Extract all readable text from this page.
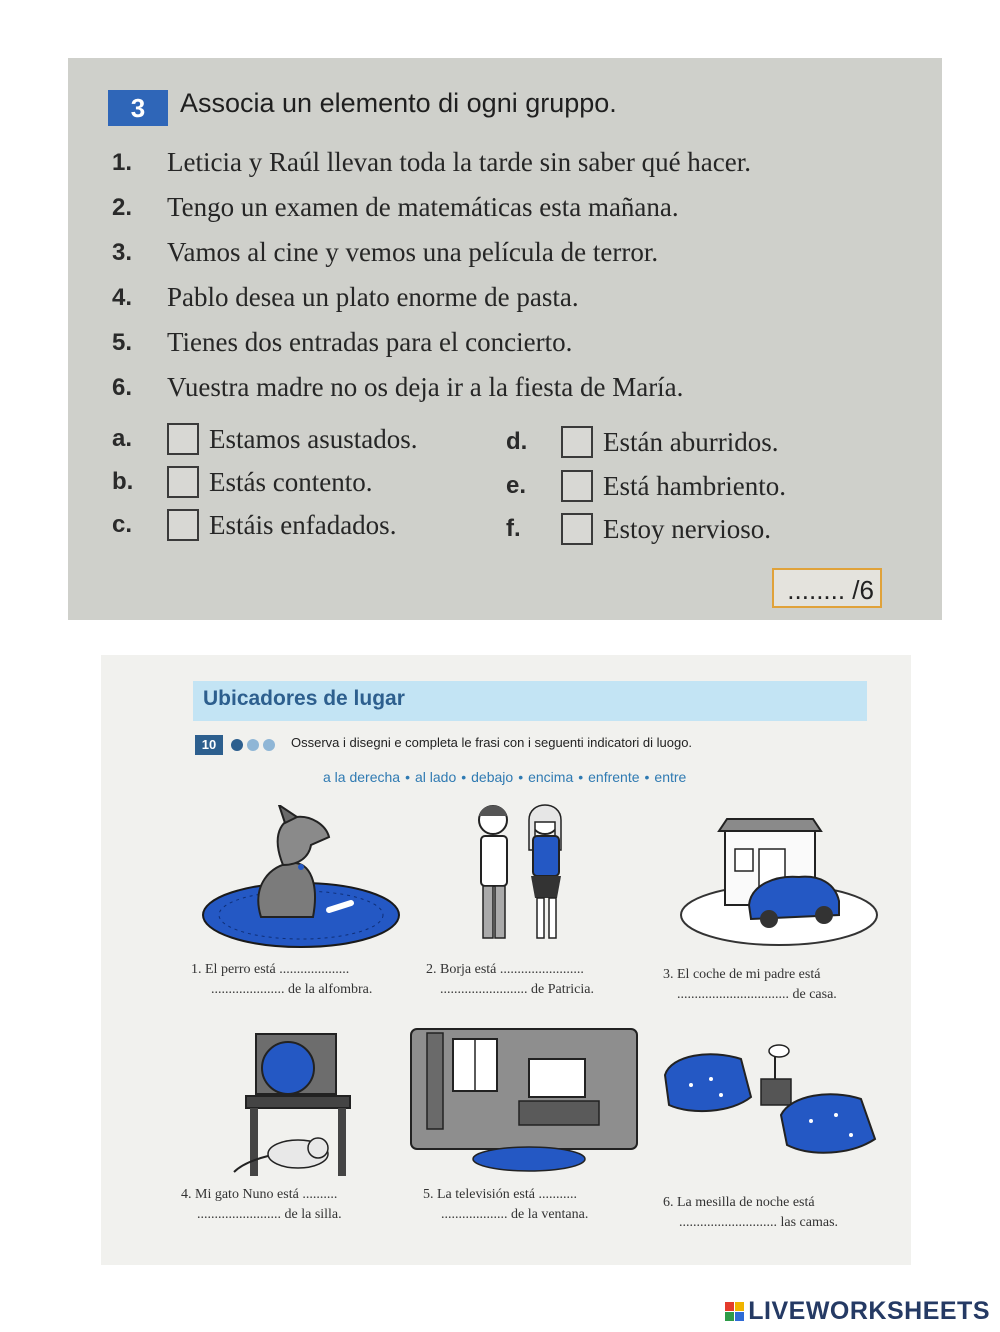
3	Associa un elemento di ogni gruppo.
1.	Leticia y Raúl llevan toda la tarde sin saber qué hacer.
2.	Tengo un examen de matemáticas esta mañana.
3.	Vamos al cine y vemos una película de terror.
4.	Pablo desea un plato enorme de pasta.
5.	Tienes dos entradas para el concierto.
6.	Vuestra madre no os deja ir a la fiesta de María.
a.	Estamos asustados.
b.	Estás contento.
c.	Estáis enfadados.
d.	Están aburridos.
e.	Está hambriento.
f.	Estoy nervioso.
........ /6
Ubicadores de lugar
10	Osserva i disegni e completa le frasi con i seguenti indicatori di luogo.
a la derecha • al lado • debajo • encima • enfrente • entre
1. El perro está ....................
..................... de la alfombra.
2. Borja está ........................
......................... de Patricia.
3. El coche de mi padre está
................................ de casa.
4. Mi gato Nuno está ..........
........................ de la silla.
5. La televisión está ...........
................... de la ventana.
6. La mesilla de noche está
............................ las camas.
LIVEWORKSHEETS
